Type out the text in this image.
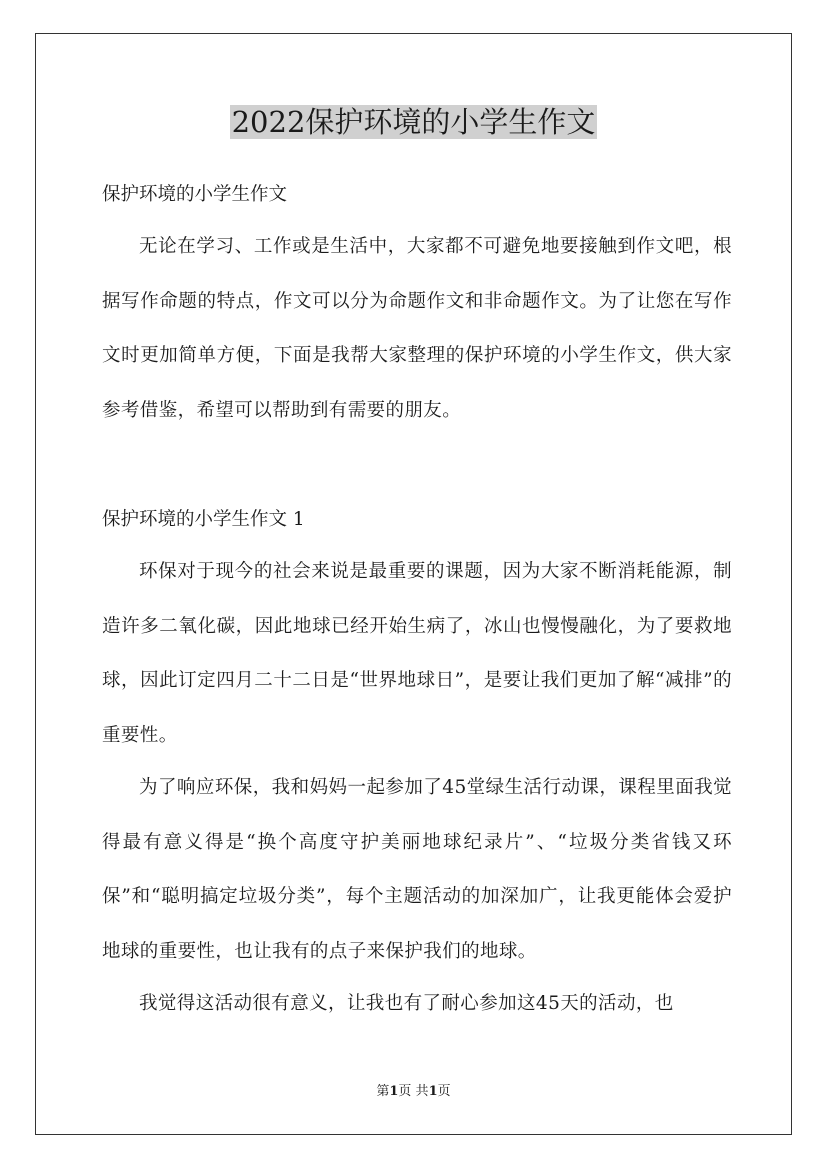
2022保护环境的小学生作文

保护环境的小学生作文

无论在学习、工作或是生活中，大家都不可避免地要接触到作文吧，根据写作命题的特点，作文可以分为命题作文和非命题作文。为了让您在写作文时更加简单方便，下面是我帮大家整理的保护环境的小学生作文，供大家参考借鉴，希望可以帮助到有需要的朋友。

保护环境的小学生作文 1

环保对于现今的社会来说是最重要的课题，因为大家不断消耗能源，制造许多二氧化碳，因此地球已经开始生病了，冰山也慢慢融化，为了要救地球，因此订定四月二十二日是“世界地球日”，是要让我们更加了解“减排”的重要性。

为了响应环保，我和妈妈一起参加了45堂绿生活行动课，课程里面我觉得最有意义得是“换个高度守护美丽地球纪录片”、“垃圾分类省钱又环保”和“聪明搞定垃圾分类”，每个主题活动的加深加广，让我更能体会爱护地球的重要性，也让我有的点子来保护我们的地球。

我觉得这活动很有意义，让我也有了耐心参加这45天的活动，也

第1页 共1页
